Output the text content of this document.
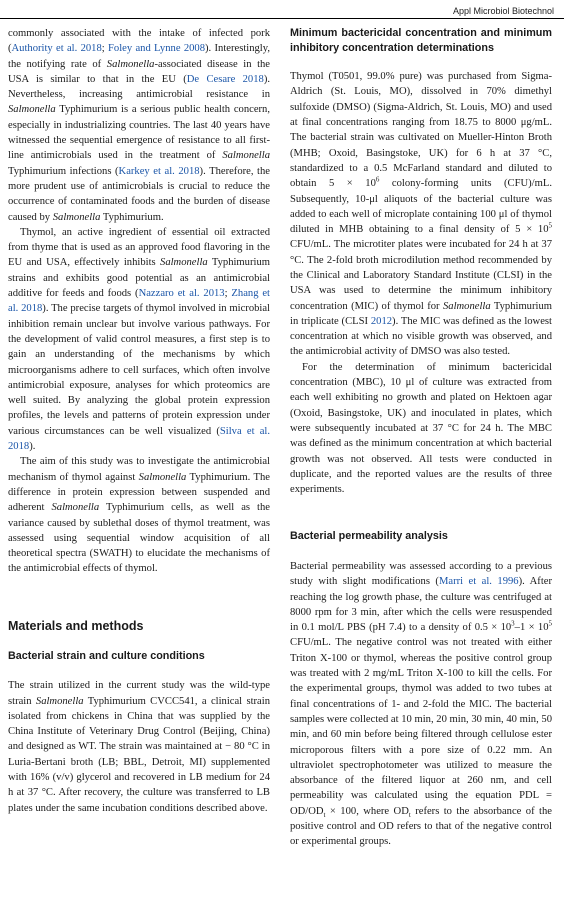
Appl Microbiol Biotechnol

commonly associated with the intake of infected pork (Authority et al. 2018; Foley and Lynne 2008). Interestingly, the notifying rate of Salmonella-associated disease in the USA is similar to that in the EU (De Cesare 2018). Nevertheless, increasing antimicrobial resistance in Salmonella Typhimurium is a serious public health concern, especially in industrializing countries. The last 40 years have witnessed the sequential emergence of resistance to all first-line antimicrobials used in the treatment of Salmonella Typhimurium infections (Karkey et al. 2018). Therefore, the more prudent use of antimicrobials is crucial to reduce the occurrence of contaminated foods and the burden of disease caused by Salmonella Typhimurium.

Thymol, an active ingredient of essential oil extracted from thyme that is used as an approved food flavoring in the EU and USA, effectively inhibits Salmonella Typhimurium strains and exhibits good potential as an antimicrobial additive for feeds and foods (Nazzaro et al. 2013; Zhang et al. 2018). The precise targets of thymol involved in microbial inhibition remain unclear but involve various pathways. For the development of valid control measures, a first step is to gain an understanding of the mechanisms by which microorganisms adhere to cell surfaces, which often involve antimicrobial exposure, analyses for which proteomics are well suited. By analyzing the global protein expression profiles, the levels and patterns of protein expression under various circumstances can be well visualized (Silva et al. 2018).

The aim of this study was to investigate the antimicrobial mechanism of thymol against Salmonella Typhimurium. The difference in protein expression between suspended and adherent Salmonella Typhimurium cells, as well as the variance caused by sublethal doses of thymol treatment, was assessed using sequential window acquisition of all theoretical spectra (SWATH) to elucidate the mechanisms of the antimicrobial effects of thymol.

Materials and methods
Bacterial strain and culture conditions

The strain utilized in the current study was the wild-type strain Salmonella Typhimurium CVCC541, a clinical strain isolated from chickens in China that was supplied by the China Institute of Veterinary Drug Control (Beijing, China) and designed as WT. The strain was maintained at − 80 °C in Luria-Bertani broth (LB; BBL, Detroit, MI) supplemented with 16% (v/v) glycerol and recovered in LB medium for 24 h at 37 °C. After recovery, the culture was transferred to LB plates under the same incubation conditions described above.

Minimum bactericidal concentration and minimum inhibitory concentration determinations

Thymol (T0501, 99.0% pure) was purchased from Sigma-Aldrich (St. Louis, MO), dissolved in 70% dimethyl sulfoxide (DMSO) (Sigma-Aldrich, St. Louis, MO) and used at final concentrations ranging from 18.75 to 8000 μg/mL. The bacterial strain was cultivated on Mueller-Hinton Broth (MHB; Oxoid, Basingstoke, UK) for 6 h at 37 °C, standardized to a 0.5 McFarland standard and diluted to obtain $5 \times 10^6$ colony-forming units (CFU)/mL. Subsequently, 10-μl aliquots of the bacterial culture was added to each well of microplate containing 100 μl of thymol diluted in MHB obtaining to a final density of $5 \times 10^5$ CFU/mL. The microtiter plates were incubated for 24 h at 37 °C. The 2-fold broth microdilution method recommended by the Clinical and Laboratory Standard Institute (CLSI) in the USA was used to determine the minimum inhibitory concentration (MIC) of thymol for Salmonella Typhimurium in triplicate (CLSI 2012). The MIC was defined as the lowest concentration at which no visible growth was observed, and the antimicrobial activity of DMSO was also tested.

For the determination of minimum bactericidal concentration (MBC), 10 μl of culture was extracted from each well exhibiting no growth and plated on Hektoen agar (Oxoid, Basingstoke, UK) and inoculated in plates, which were subsequently incubated at 37 °C for 24 h. The MBC was defined as the minimum concentration at which bacterial growth was not observed. All tests were conducted in duplicate, and the reported values are the results of three experiments.

Bacterial permeability analysis

Bacterial permeability was assessed according to a previous study with slight modifications (Marri et al. 1996). After reaching the log growth phase, the culture was centrifuged at 8000 rpm for 3 min, after which the cells were resuspended in 0.1 mol/L PBS (pH 7.4) to a density of $0.5 \times 10^3-1 \times 10^5$ CFU/mL. The negative control was not treated with either Triton X-100 or thymol, whereas the positive control group was treated with 2 mg/mL Triton X-100 to kill the cells. For the experimental groups, thymol was added to two tubes at final concentrations of 1- and 2-fold the MIC. The bacterial samples were collected at 10 min, 20 min, 30 min, 40 min, 50 min, and 60 min before being filtered through cellulose ester microporous filters with a pore size of 0.22 mm. An ultraviolet spectrophotometer was utilized to measure the absorbance of the filtered liquor at 260 nm, and cell permeability was calculated using the equation PDL = $OD/OD_t \times 100$, where $OD_t$ refers to the absorbance of the positive control and OD refers to that of the negative control or experimental groups.
